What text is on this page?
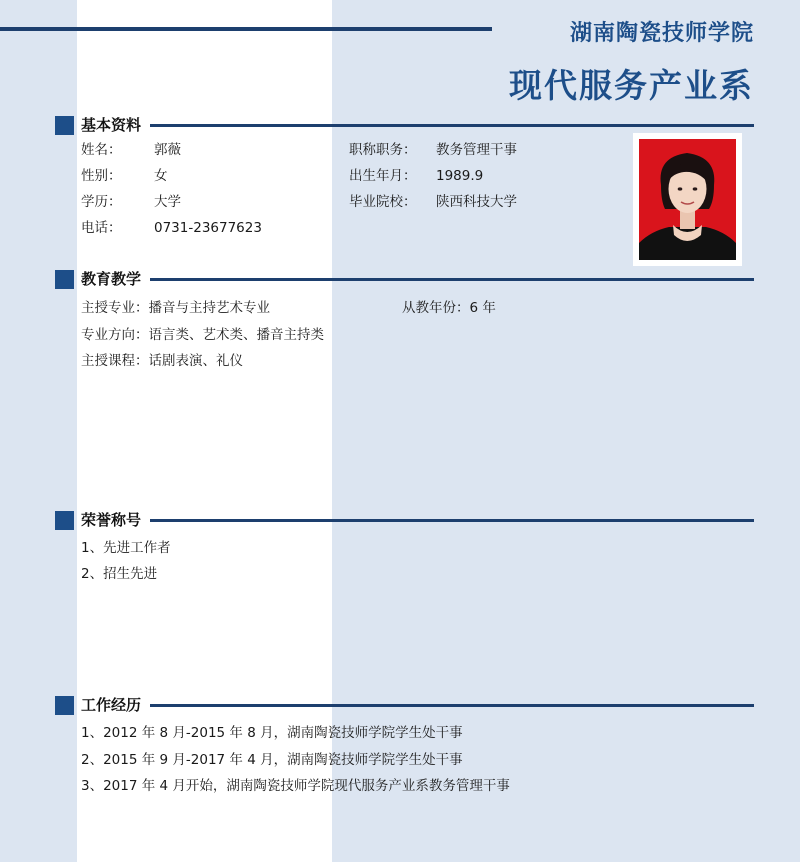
湖南陶瓷技师学院
现代服务产业系
基本资料
姓名： 郭薇
性别： 女
学历： 大学
电话： 0731-23677623
职称职务： 教务管理干事
出生年月： 1989.9
毕业院校： 陕西科技大学
教育教学
主授专业：播音与主持艺术专业	从教年份：6 年
专业方向：语言类、艺术类、播音主持类
主授课程：话剧表演、礼仪
荣誉称号
1、先进工作者
2、招生先进
工作经历
1、2012 年 8 月-2015 年 8 月，湖南陶瓷技师学院学生处干事
2、2015 年 9 月-2017 年 4 月，湖南陶瓷技师学院学生处干事
3、2017 年 4 月开始，湖南陶瓷技师学院现代服务产业系教务管理干事
